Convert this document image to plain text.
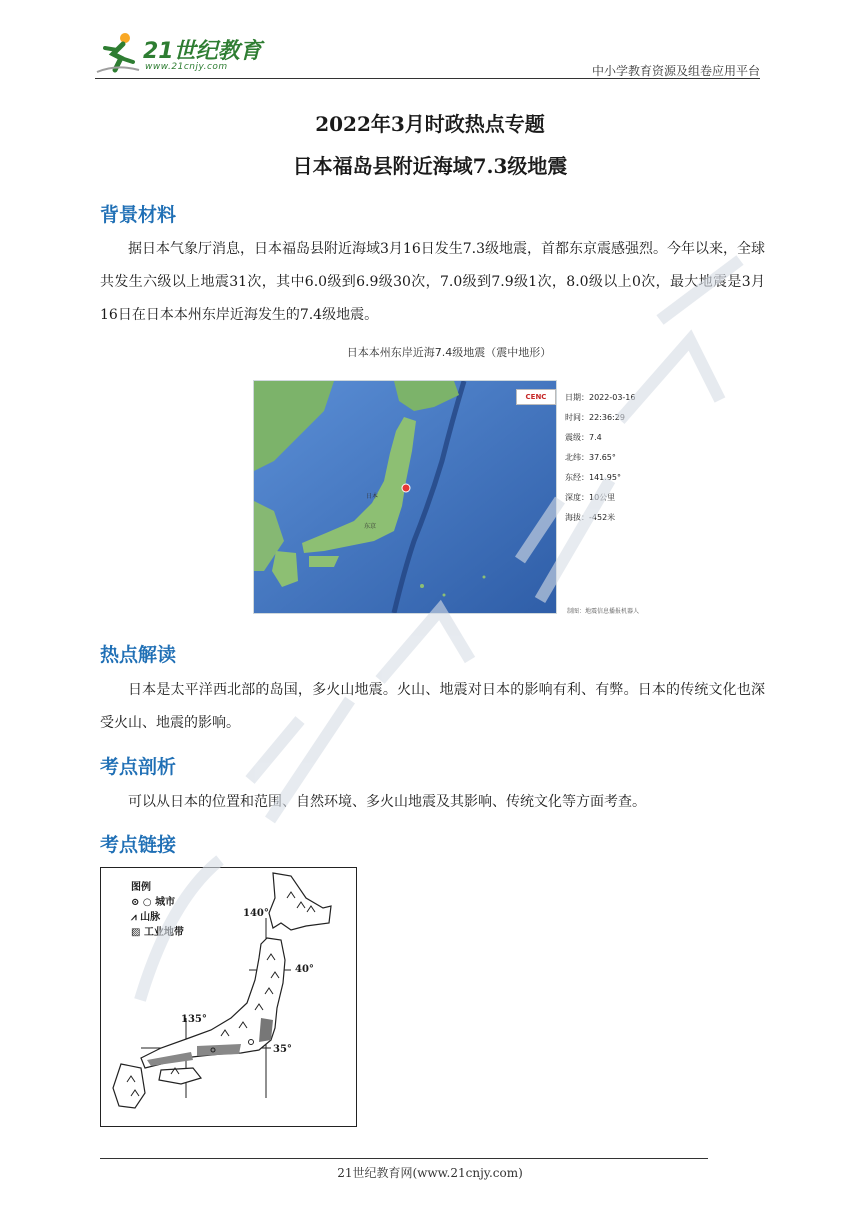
21世纪教育
www.21cnjy.com	中小学教育资源及组卷应用平台
2022年3月时政热点专题
日本福岛县附近海域7.3级地震
背景材料
据日本气象厅消息，日本福岛县附近海域3月16日发生7.3级地震，首都东京震感强烈。今年以来，全球共发生六级以上地震31次，其中6.0级到6.9级30次，7.0级到7.9级1次，8.0级以上0次，最大地震是3月16日在日本本州东岸近海发生的7.4级地震。
日本本州东岸近海7.4级地震（震中地形）
CENC
日本
东京
日期：2022-03-16
时间：22:36:29
震级：7.4
北纬：37.65°
东经：141.95°
深度：10公里
海拔：-452米
制图：地震信息播报机器人
热点解读
日本是太平洋西北部的岛国，多火山地震。火山、地震对日本的影响有利、有弊。日本的传统文化也深受火山、地震的影响。
考点剖析
可以从日本的位置和范围、自然环境、多火山地震及其影响、传统文化等方面考查。
考点链接
图例
⊙ ○ 城市
⩘ 山脉
▨ 工业地带
140°
40°
135°
35°
21世纪教育网(www.21cnjy.com)
